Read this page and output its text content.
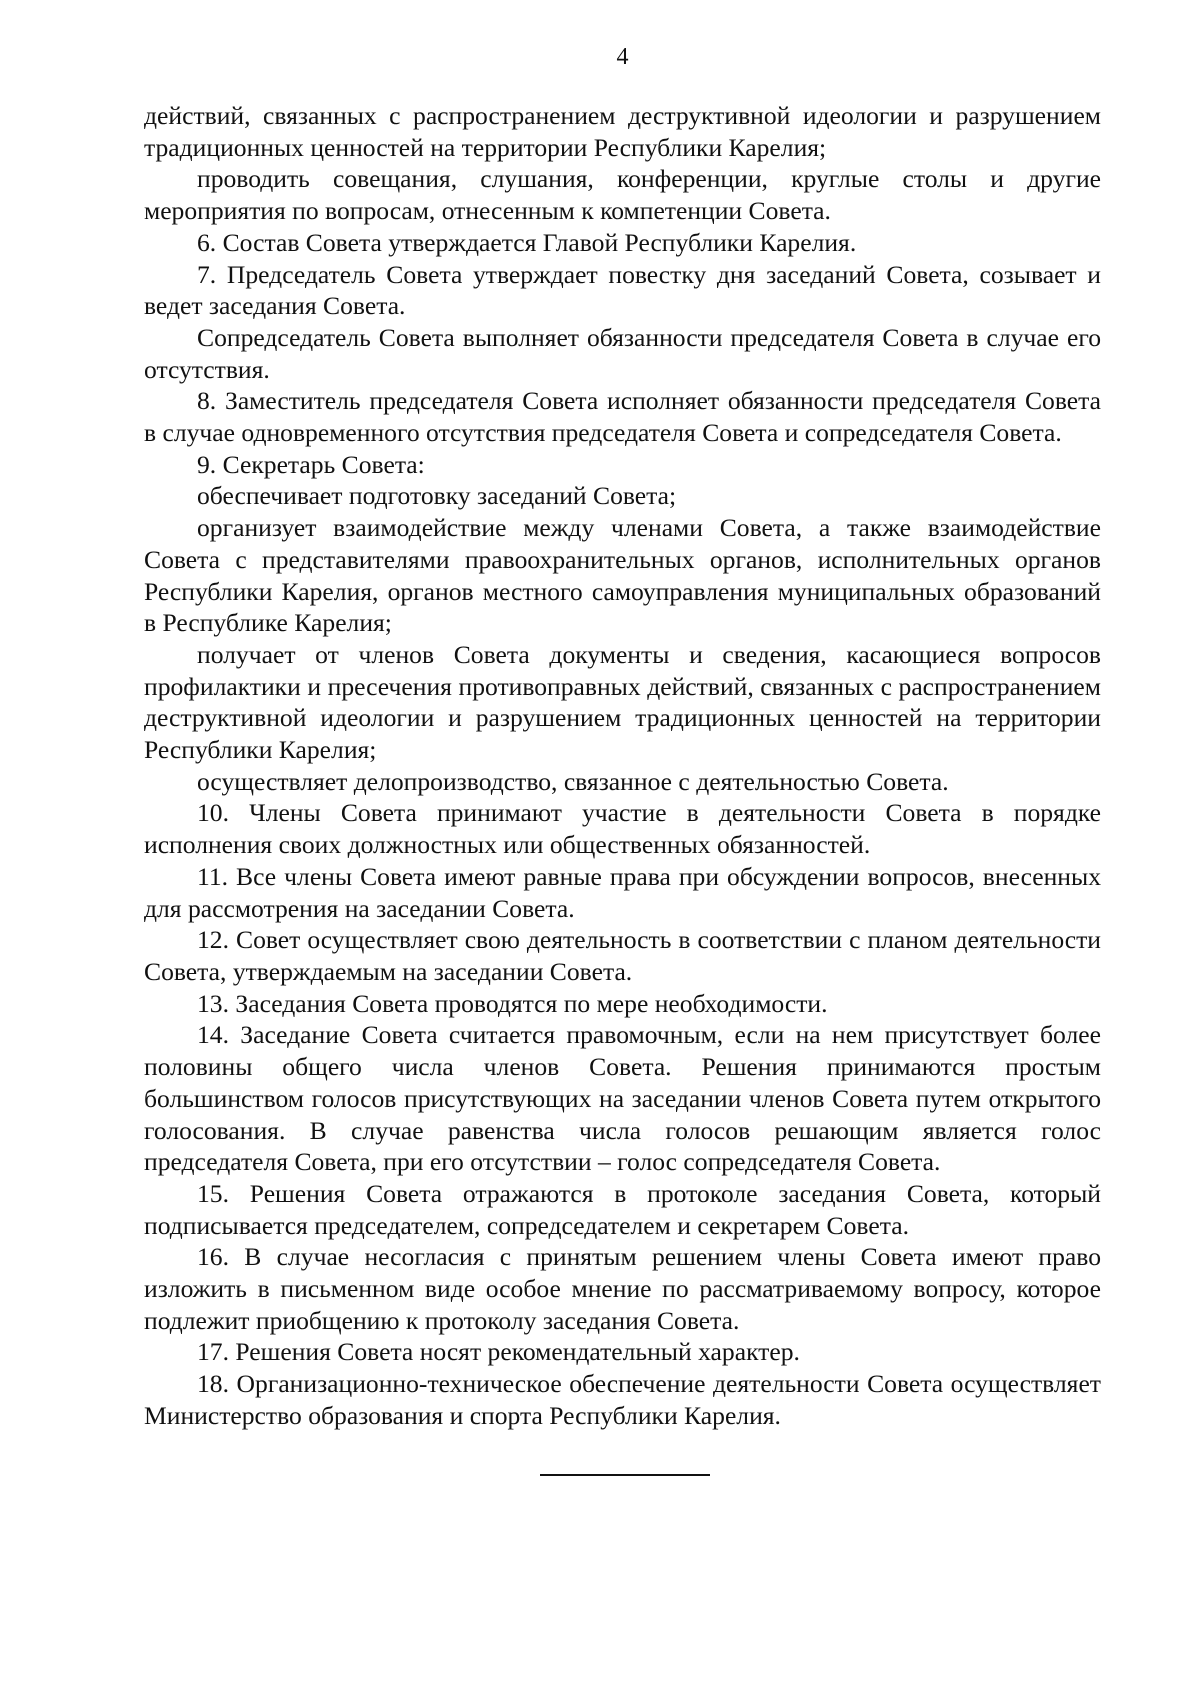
4

действий, связанных с распространением деструктивной идеологии и разрушением традиционных ценностей на территории Республики Карелия;

проводить совещания, слушания, конференции, круглые столы и другие мероприятия по вопросам, отнесенным к компетенции Совета.

6. Состав Совета утверждается Главой Республики Карелия.

7. Председатель Совета утверждает повестку дня заседаний Совета, созывает и ведет заседания Совета.

Сопредседатель Совета выполняет обязанности председателя Совета в случае его отсутствия.

8. Заместитель председателя Совета исполняет обязанности председателя Совета в случае одновременного отсутствия председателя Совета и сопредседателя Совета.

9. Секретарь Совета:

обеспечивает подготовку заседаний Совета;

организует взаимодействие между членами Совета, а также взаимодействие Совета с представителями правоохранительных органов, исполнительных органов Республики Карелия, органов местного самоуправления муниципальных образований в Республике Карелия;

получает от членов Совета документы и сведения, касающиеся вопросов профилактики и пресечения противоправных действий, связанных с распространением деструктивной идеологии и разрушением традиционных ценностей на территории Республики Карелия;

осуществляет делопроизводство, связанное с деятельностью Совета.

10. Члены Совета принимают участие в деятельности Совета в порядке исполнения своих должностных или общественных обязанностей.

11. Все члены Совета имеют равные права при обсуждении вопросов, внесенных для рассмотрения на заседании Совета.

12. Совет осуществляет свою деятельность в соответствии с планом деятельности Совета, утверждаемым на заседании Совета.

13. Заседания Совета проводятся по мере необходимости.

14. Заседание Совета считается правомочным, если на нем присутствует более половины общего числа членов Совета. Решения принимаются простым большинством голосов присутствующих на заседании членов Совета путем открытого голосования. В случае равенства числа голосов решающим является голос председателя Совета, при его отсутствии – голос сопредседателя Совета.

15. Решения Совета отражаются в протоколе заседания Совета, который подписывается председателем, сопредседателем и секретарем Совета.

16. В случае несогласия с принятым решением члены Совета имеют право изложить в письменном виде особое мнение по рассматриваемому вопросу, которое подлежит приобщению к протоколу заседания Совета.

17. Решения Совета носят рекомендательный характер.

18. Организационно-техническое обеспечение деятельности Совета осуществляет Министерство образования и спорта Республики Карелия.
